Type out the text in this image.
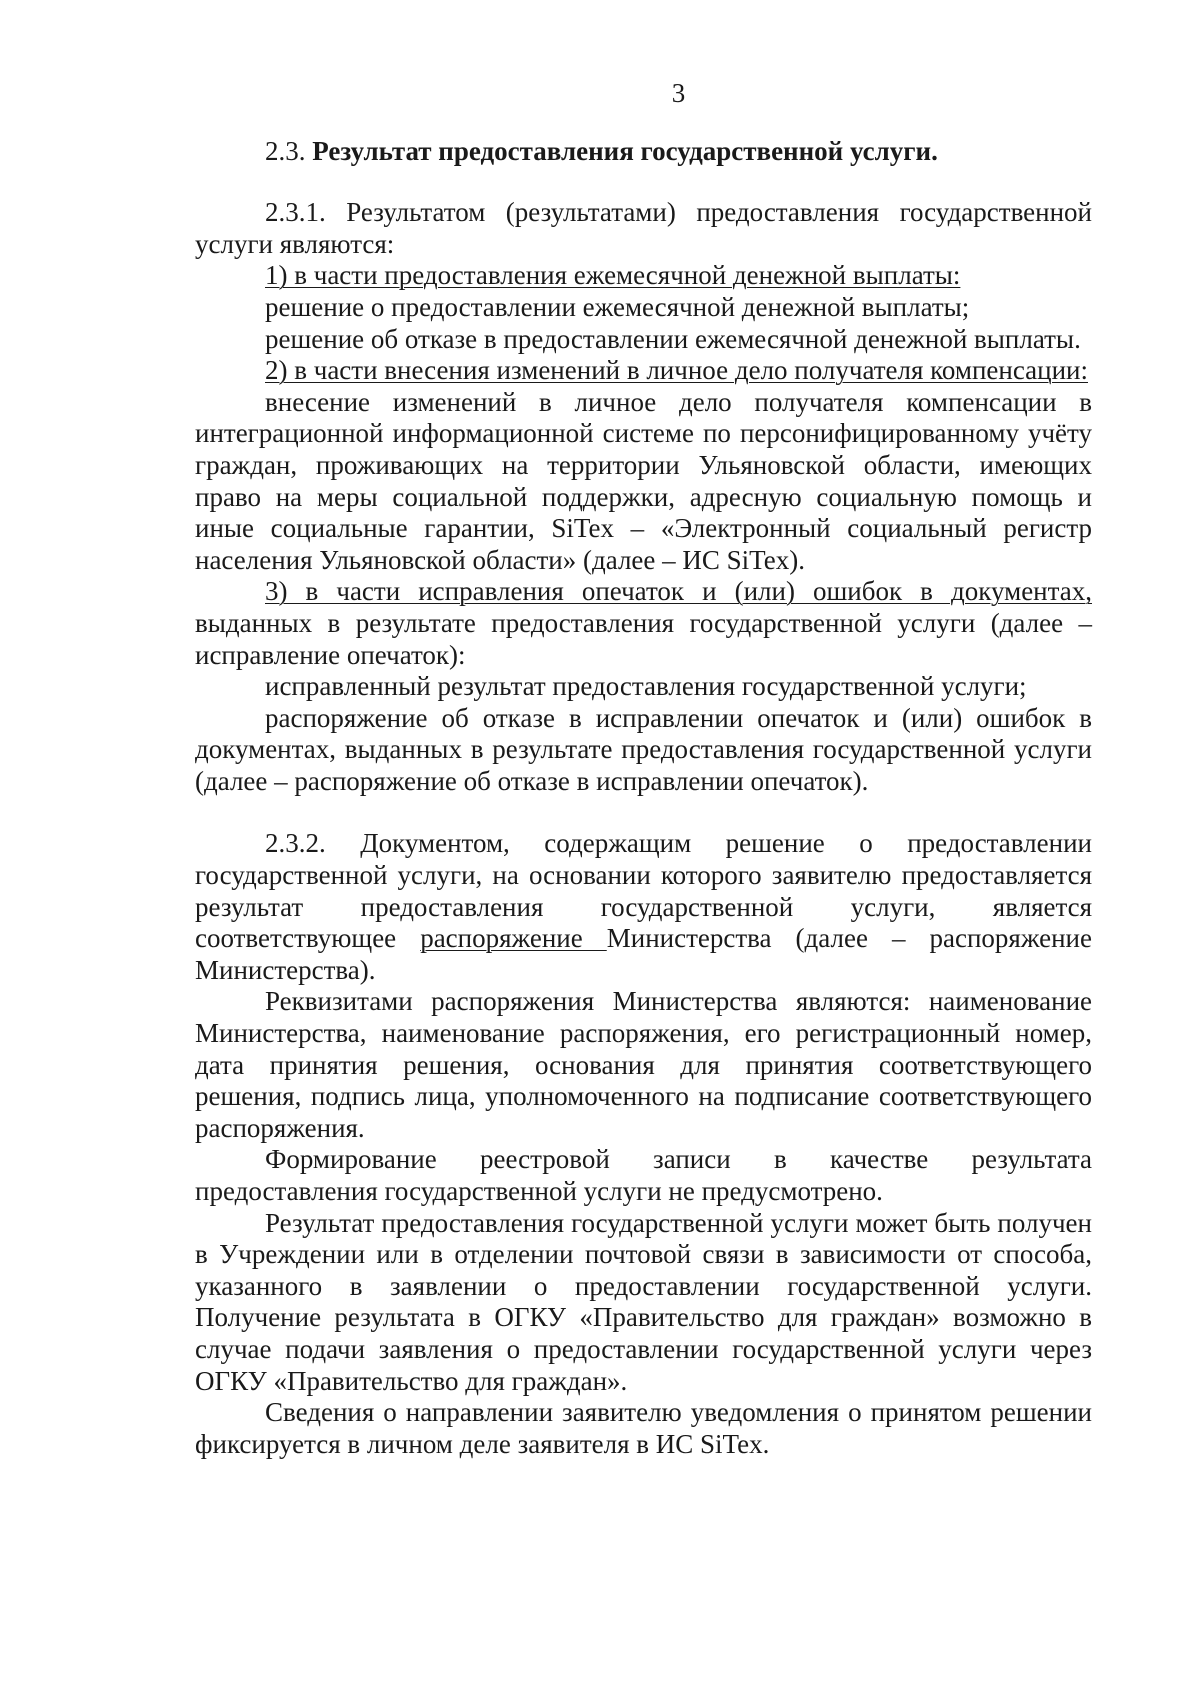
3

2.3. Результат предоставления государственной услуги.

2.3.1. Результатом (результатами) предоставления государственной услуги являются:

1) в части предоставления ежемесячной денежной выплаты:

решение о предоставлении ежемесячной денежной выплаты;

решение об отказе в предоставлении ежемесячной денежной выплаты.

2) в части внесения изменений в личное дело получателя компенсации:

внесение изменений в личное дело получателя компенсации в интеграционной информационной системе по персонифицированному учёту граждан, проживающих на территории Ульяновской области, имеющих право на меры социальной поддержки, адресную социальную помощь и иные социальные гарантии, SiTex – «Электронный социальный регистр населения Ульяновской области» (далее – ИС SiTex).

3) в части исправления опечаток и (или) ошибок в документах, выданных в результате предоставления государственной услуги (далее – исправление опечаток):

исправленный результат предоставления государственной услуги;

распоряжение об отказе в исправлении опечаток и (или) ошибок в документах, выданных в результате предоставления государственной услуги (далее – распоряжение об отказе в исправлении опечаток).

2.3.2. Документом, содержащим решение о предоставлении государственной услуги, на основании которого заявителю предоставляется результат предоставления государственной услуги, является соответствующее распоряжение Министерства (далее – распоряжение Министерства).

Реквизитами распоряжения Министерства являются: наименование Министерства, наименование распоряжения, его регистрационный номер, дата принятия решения, основания для принятия соответствующего решения, подпись лица, уполномоченного на подписание соответствующего распоряжения.

Формирование реестровой записи в качестве результата предоставления государственной услуги не предусмотрено.

Результат предоставления государственной услуги может быть получен в Учреждении или в отделении почтовой связи в зависимости от способа, указанного в заявлении о предоставлении государственной услуги. Получение результата в ОГКУ «Правительство для граждан» возможно в случае подачи заявления о предоставлении государственной услуги через ОГКУ «Правительство для граждан».

Сведения о направлении заявителю уведомления о принятом решении фиксируется в личном деле заявителя в ИС SiTex.
